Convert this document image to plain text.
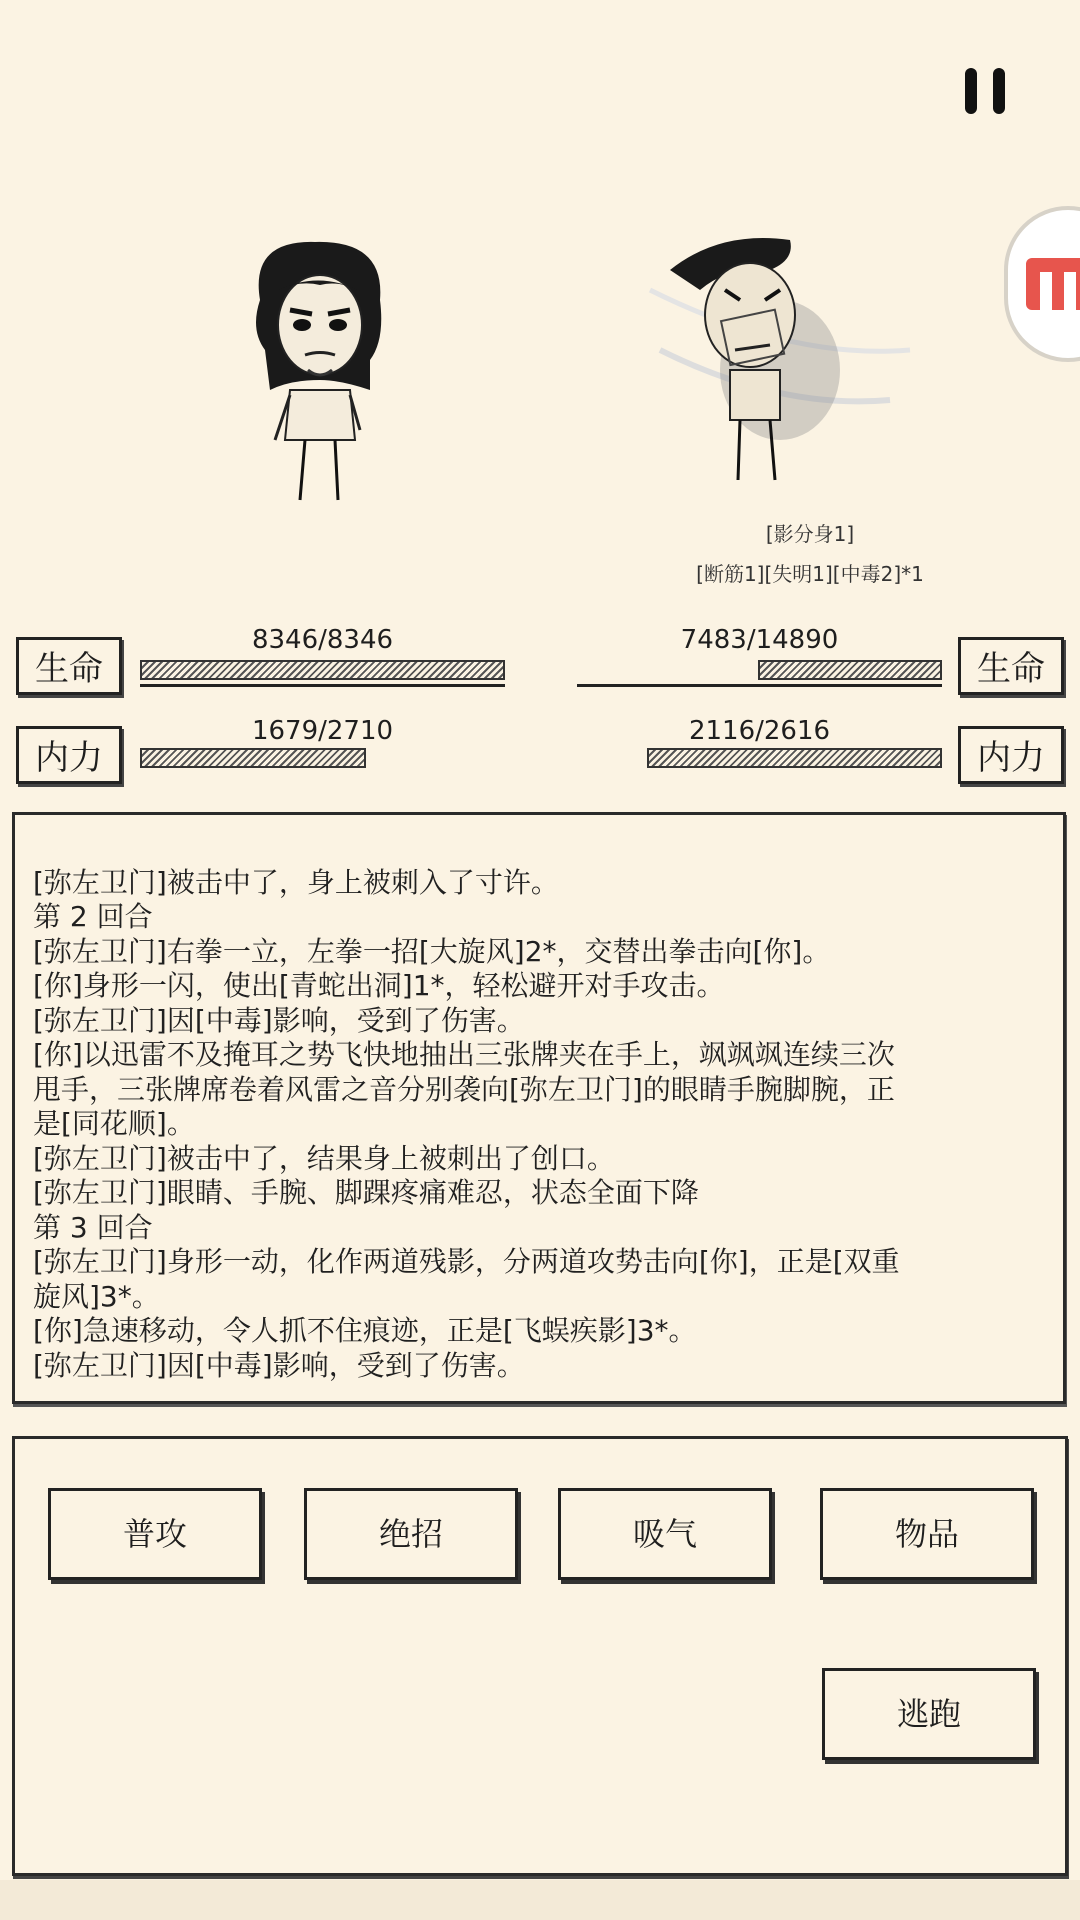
[影分身1]
[断筋1][失明1][中毒2]*1
生命
8346/8346
内力
1679/2710
生命
7483/14890
内力
2116/2616
[弥左卫门]被击中了，身上被刺入了寸许。
第 2 回合
[弥左卫门]右拳一立，左拳一招[大旋风]2*，交替出拳击向[你]。
[你]身形一闪，使出[青蛇出洞]1*，轻松避开对手攻击。
[弥左卫门]因[中毒]影响，受到了伤害。
[你]以迅雷不及掩耳之势飞快地抽出三张牌夹在手上，飒飒飒连续三次
甩手，三张牌席卷着风雷之音分别袭向[弥左卫门]的眼睛手腕脚腕，正
是[同花顺]。
[弥左卫门]被击中了，结果身上被刺出了创口。
[弥左卫门]眼睛、手腕、脚踝疼痛难忍，状态全面下降
第 3 回合
[弥左卫门]身形一动，化作两道残影，分两道攻势击向[你]，正是[双重
旋风]3*。
[你]急速移动，令人抓不住痕迹，正是[飞蜈疾影]3*。
[弥左卫门]因[中毒]影响，受到了伤害。
普攻	绝招	吸气	物品
逃跑
